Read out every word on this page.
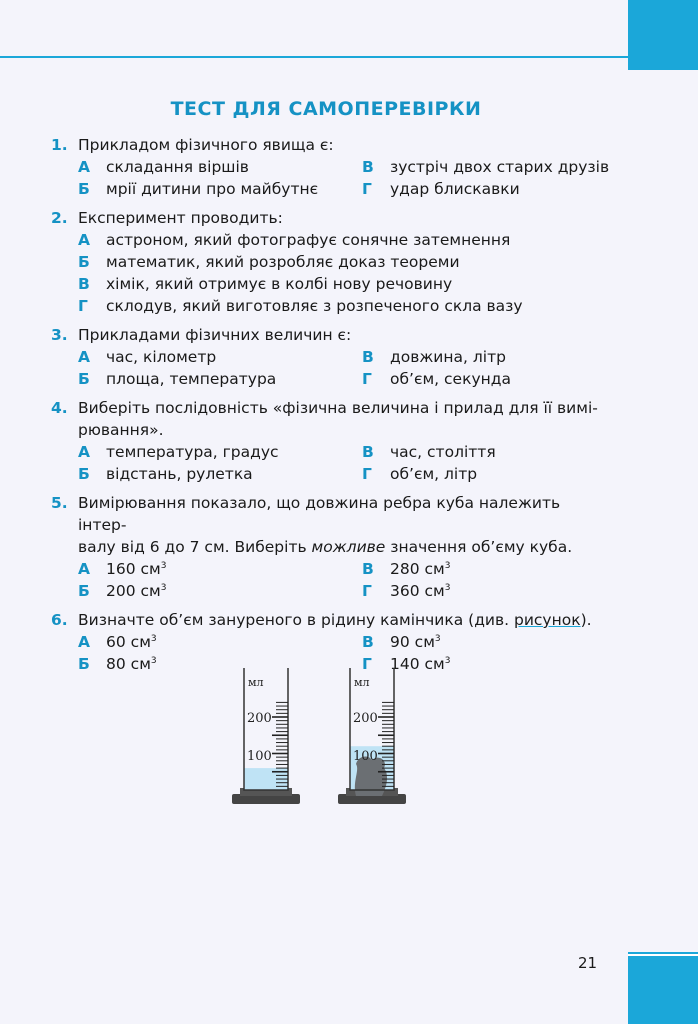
ТЕСТ ДЛЯ САМОПЕРЕВІРКИ
1. Прикладом фізичного явища є:
А складання віршів	В зустріч двох старих друзів
Б мрії дитини про майбутнє	Г удар блискавки
2. Експеримент проводить:
А астроном, який фотографує сонячне затемнення
Б математик, який розробляє доказ теореми
В хімік, який отримує в колбі нову речовину
Г склодув, який виготовляє з розпеченого скла вазу
3. Прикладами фізичних величин є:
А час, кілометр	В довжина, літр
Б площа, температура	Г об’єм, секунда
4. Виберіть послідовність «фізична величина і прилад для її вимі-
рювання».
А температура, градус	В час, століття
Б відстань, рулетка	Г об’єм, літр
5. Вимірювання показало, що довжина ребра куба належить інтер-
валу від 6 до 7 см. Виберіть можливе значення об’єму куба.
А 160 $см^3$	В 280 $см^3$
Б 200 $см^3$	Г 360 $см^3$
6. Визначте об’єм зануреного в рідину камінчика (див. рисунок).
А 60 $см^3$	В 90 $см^3$
Б 80 $см^3$	Г 140 $см^3$
мл
200
100
мл
200
100
21
